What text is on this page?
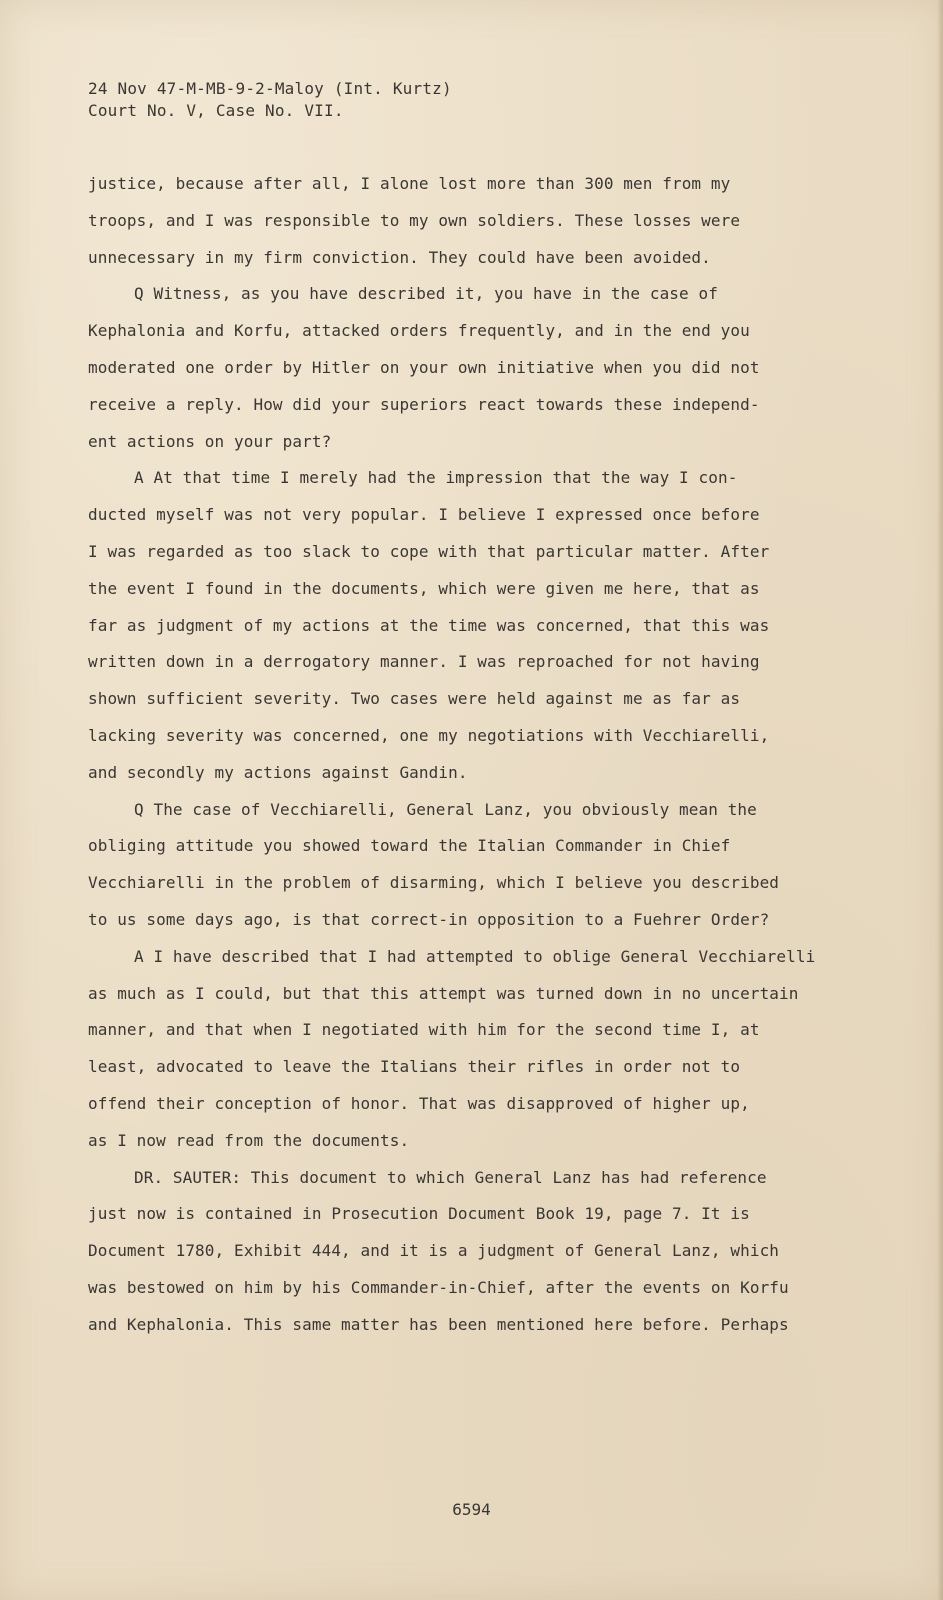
24 Nov 47-M-MB-9-2-Maloy (Int. Kurtz)
Court No. V, Case No. VII.
justice, because after all, I alone lost more than 300 men from my
troops, and I was responsible to my own soldiers. These losses were
unnecessary in my firm conviction. They could have been avoided.
Q Witness, as you have described it, you have in the case of
Kephalonia and Korfu, attacked orders frequently, and in the end you
moderated one order by Hitler on your own initiative when you did not
receive a reply. How did your superiors react towards these independ-
ent actions on your part?
A At that time I merely had the impression that the way I con-
ducted myself was not very popular. I believe I expressed once before
I was regarded as too slack to cope with that particular matter. After
the event I found in the documents, which were given me here, that as
far as judgment of my actions at the time was concerned, that this was
written down in a derrogatory manner. I was reproached for not having
shown sufficient severity. Two cases were held against me as far as
lacking severity was concerned, one my negotiations with Vecchiarelli,
and secondly my actions against Gandin.
Q The case of Vecchiarelli, General Lanz, you obviously mean the
obliging attitude you showed toward the Italian Commander in Chief
Vecchiarelli in the problem of disarming, which I believe you described
to us some days ago, is that correct-in opposition to a Fuehrer Order?
A I have described that I had attempted to oblige General Vecchiarelli
as much as I could, but that this attempt was turned down in no uncertain
manner, and that when I negotiated with him for the second time I, at
least, advocated to leave the Italians their rifles in order not to
offend their conception of honor. That was disapproved of higher up,
as I now read from the documents.
DR. SAUTER: This document to which General Lanz has had reference
just now is contained in Prosecution Document Book 19, page 7. It is
Document 1780, Exhibit 444, and it is a judgment of General Lanz, which
was bestowed on him by his Commander-in-Chief, after the events on Korfu
and Kephalonia. This same matter has been mentioned here before. Perhaps
6594
